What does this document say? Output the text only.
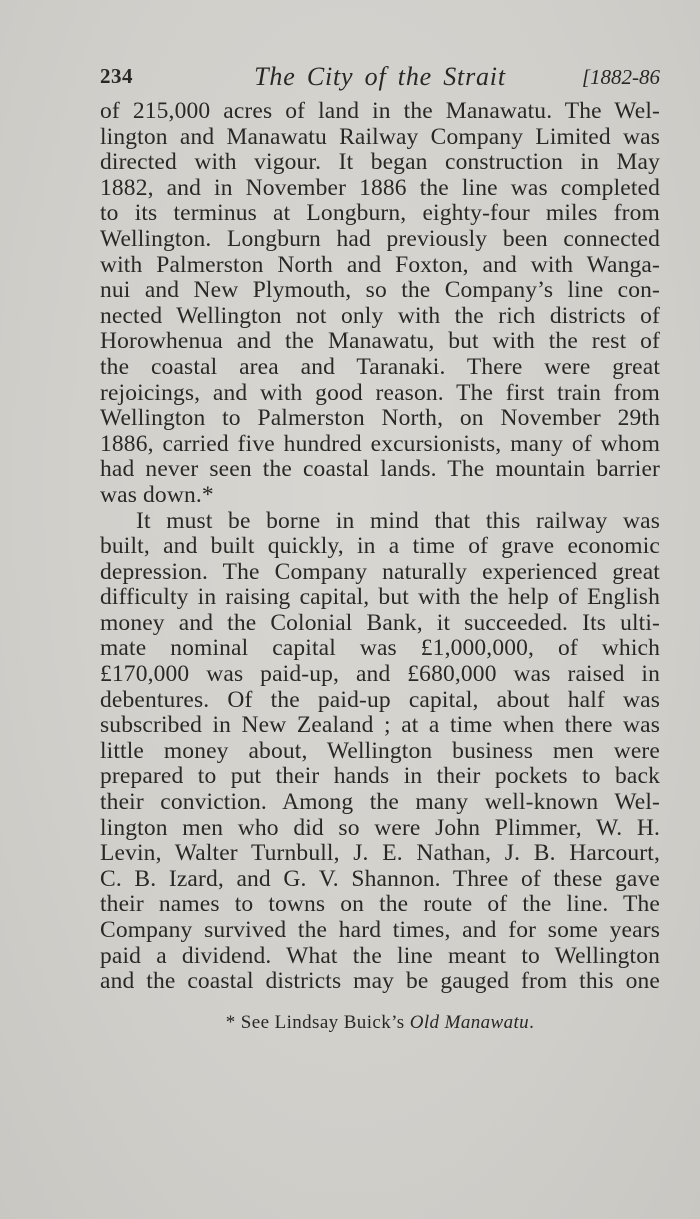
234	The City of the Strait	[1882-86
of 215,000 acres of land in the Manawatu. The Wel-
lington and Manawatu Railway Company Limited was
directed with vigour. It began construction in May
1882, and in November 1886 the line was completed
to its terminus at Longburn, eighty-four miles from
Wellington. Longburn had previously been connected
with Palmerston North and Foxton, and with Wanga-
nui and New Plymouth, so the Company’s line con-
nected Wellington not only with the rich districts of
Horowhenua and the Manawatu, but with the rest of
the coastal area and Taranaki. There were great
rejoicings, and with good reason. The first train from
Wellington to Palmerston North, on November 29th
1886, carried five hundred excursionists, many of whom
had never seen the coastal lands. The mountain barrier
was down.*
It must be borne in mind that this railway was
built, and built quickly, in a time of grave economic
depression. The Company naturally experienced great
difficulty in raising capital, but with the help of English
money and the Colonial Bank, it succeeded. Its ulti-
mate nominal capital was £1,000,000, of which
£170,000 was paid-up, and £680,000 was raised in
debentures. Of the paid-up capital, about half was
subscribed in New Zealand ; at a time when there was
little money about, Wellington business men were
prepared to put their hands in their pockets to back
their conviction. Among the many well-known Wel-
lington men who did so were John Plimmer, W. H.
Levin, Walter Turnbull, J. E. Nathan, J. B. Harcourt,
C. B. Izard, and G. V. Shannon. Three of these gave
their names to towns on the route of the line. The
Company survived the hard times, and for some years
paid a dividend. What the line meant to Wellington
and the coastal districts may be gauged from this one
* See Lindsay Buick’s Old Manawatu.
